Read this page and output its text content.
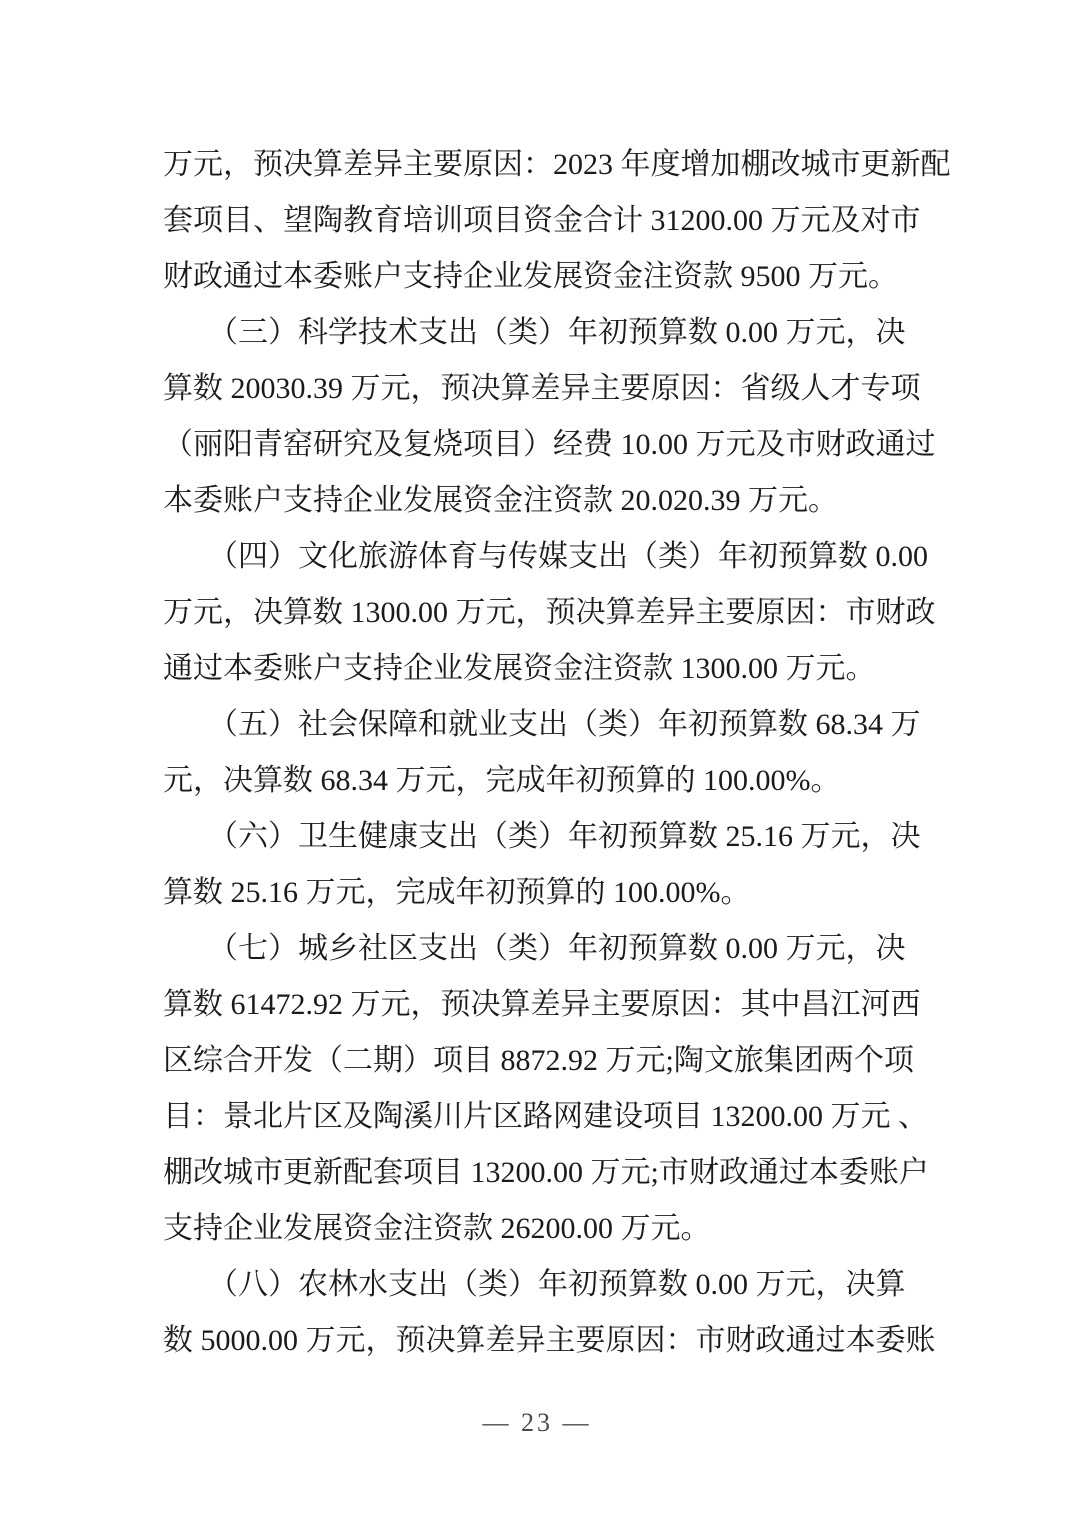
万元，预决算差异主要原因：2023 年度增加棚改城市更新配
套项目、望陶教育培训项目资金合计 31200.00 万元及对市
财政通过本委账户支持企业发展资金注资款 9500 万元。
　　（三）科学技术支出（类）年初预算数 0.00 万元，决
算数 20030.39 万元，预决算差异主要原因：省级人才专项
（丽阳青窑研究及复烧项目）经费 10.00 万元及市财政通过
本委账户支持企业发展资金注资款 20.020.39 万元。
　　（四）文化旅游体育与传媒支出（类）年初预算数 0.00
万元，决算数 1300.00 万元，预决算差异主要原因：市财政
通过本委账户支持企业发展资金注资款 1300.00 万元。
　　（五）社会保障和就业支出（类）年初预算数 68.34 万
元，决算数 68.34 万元，完成年初预算的 100.00%。
　　（六）卫生健康支出（类）年初预算数 25.16 万元，决
算数 25.16 万元，完成年初预算的 100.00%。
　　（七）城乡社区支出（类）年初预算数 0.00 万元，决
算数 61472.92 万元，预决算差异主要原因：其中昌江河西
区综合开发（二期）项目 8872.92 万元;陶文旅集团两个项
目：景北片区及陶溪川片区路网建设项目 13200.00 万元 、
棚改城市更新配套项目 13200.00 万元;市财政通过本委账户
支持企业发展资金注资款 26200.00 万元。
　　（八）农林水支出（类）年初预算数 0.00 万元，决算
数 5000.00 万元，预决算差异主要原因：市财政通过本委账
— 23 —
